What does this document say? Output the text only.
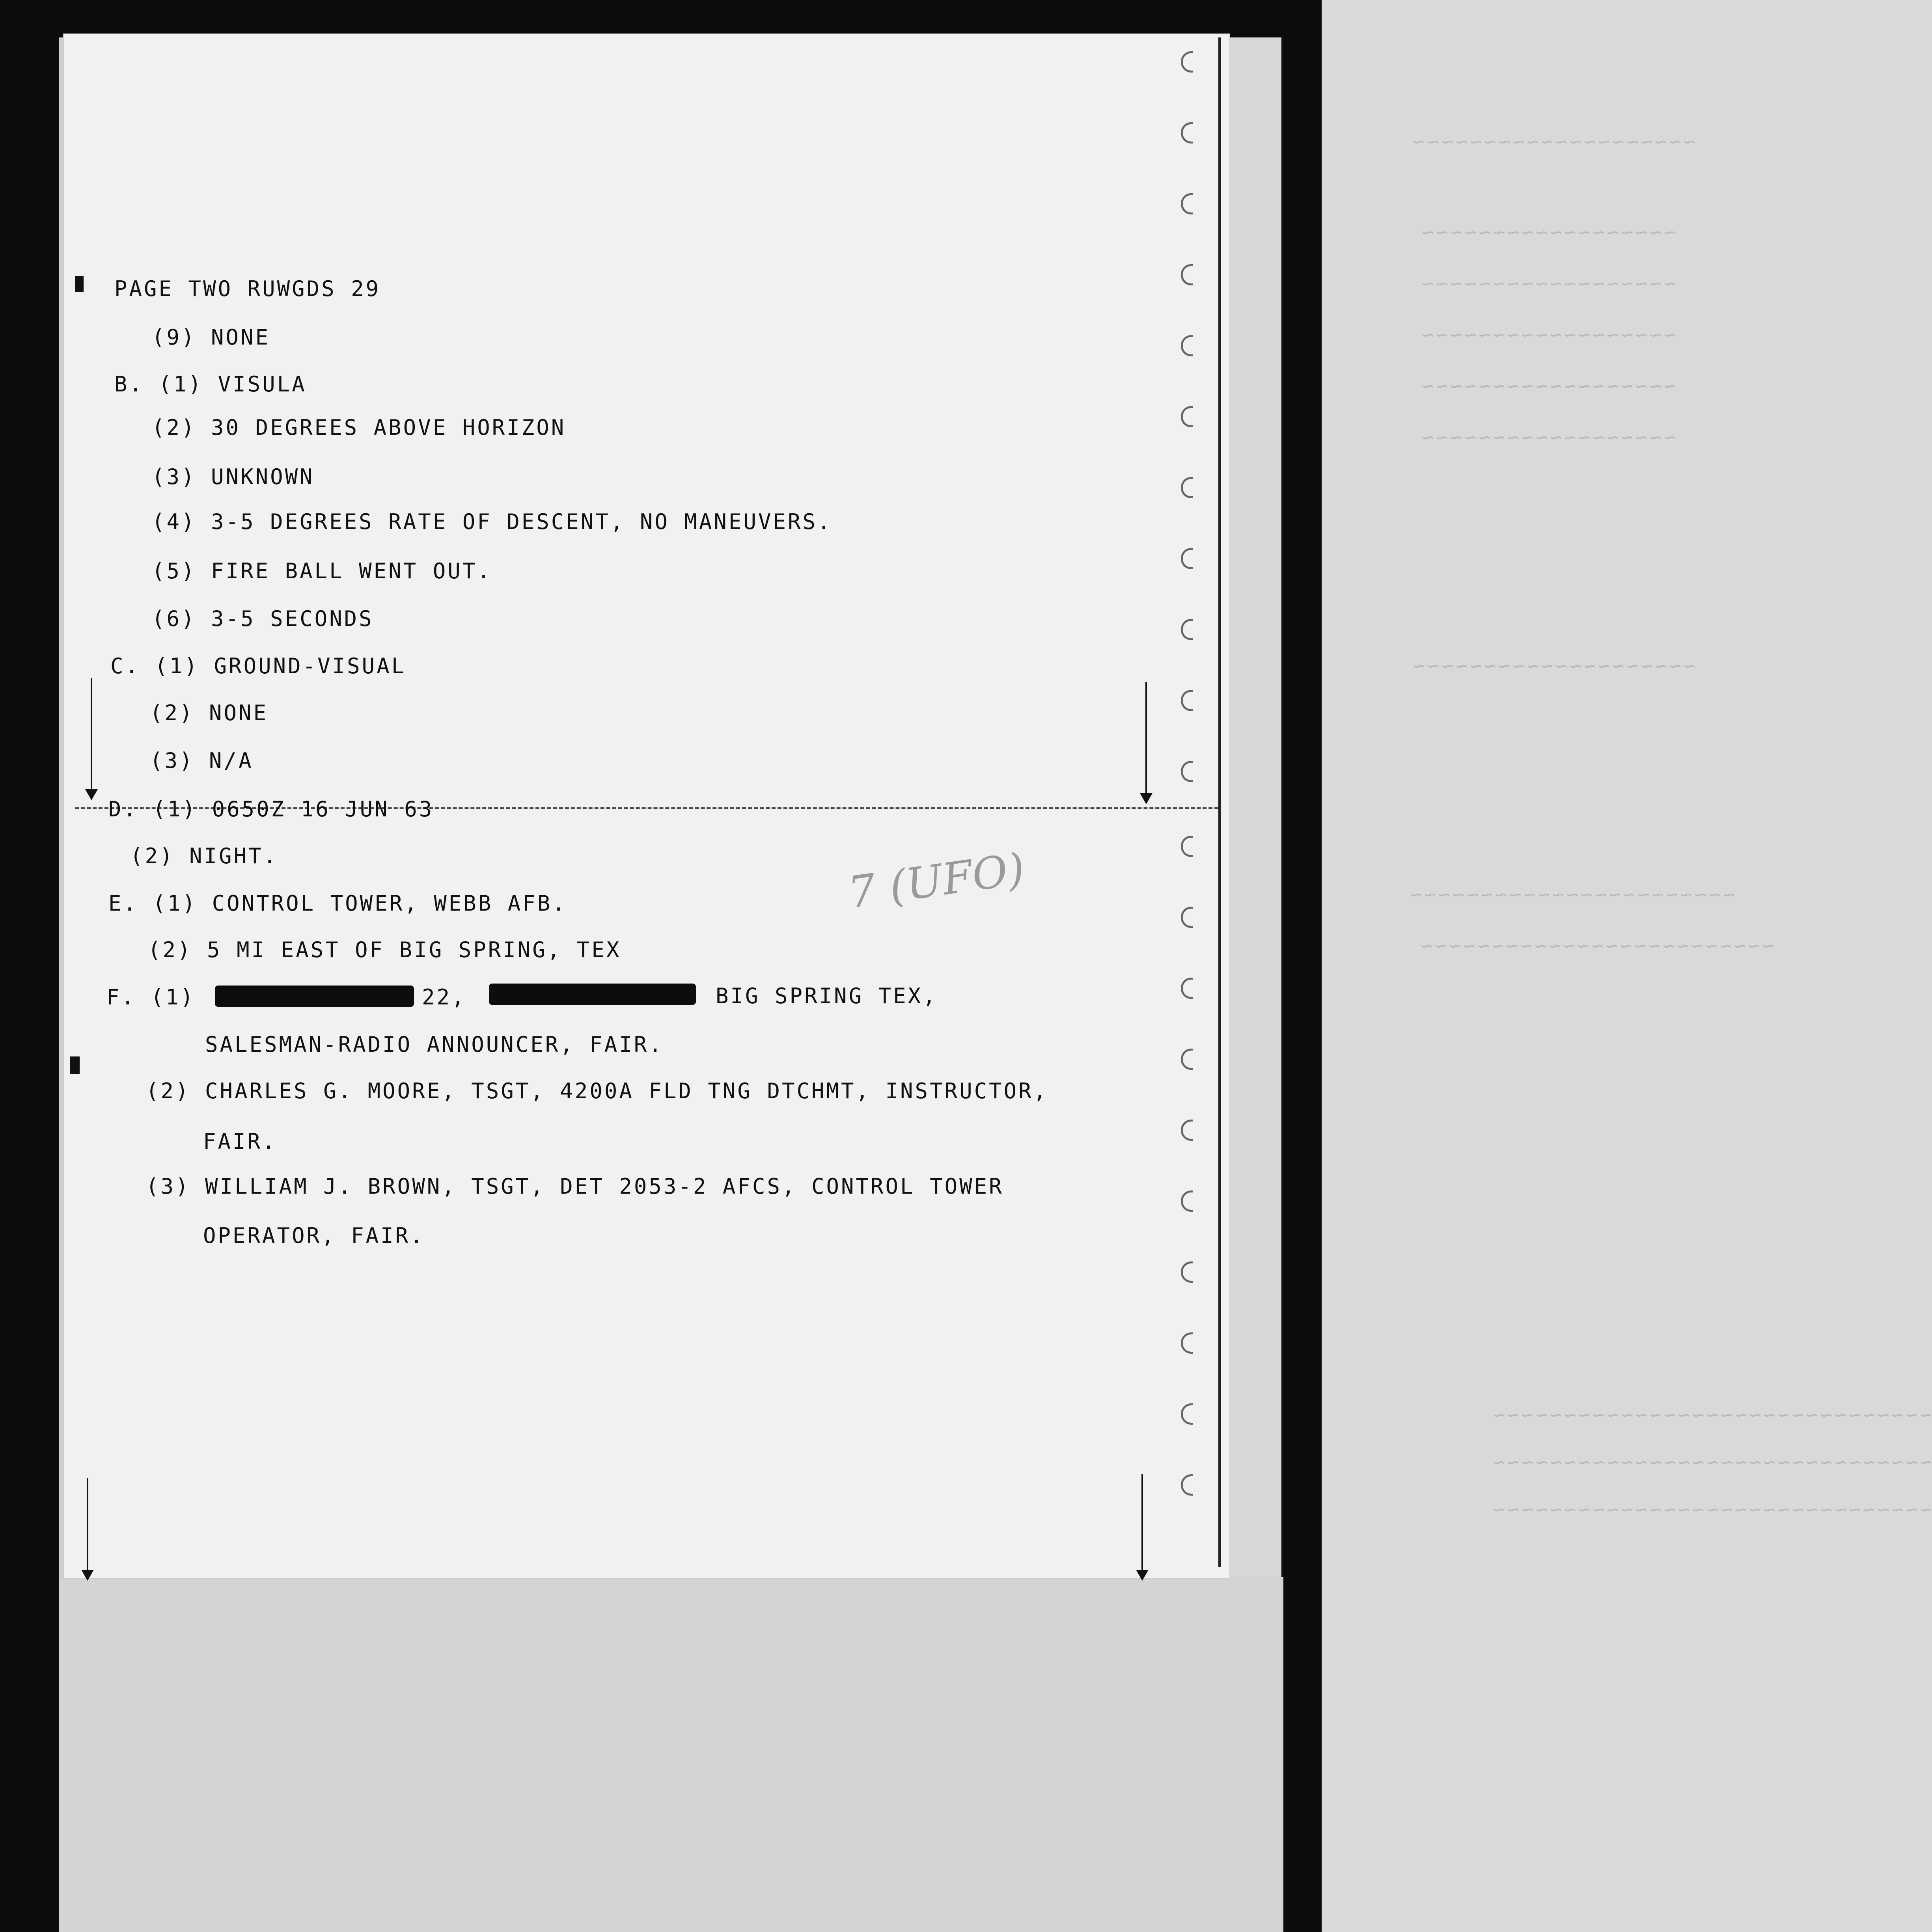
~~~~~~~~~~~~~~~~~~~~
~~~~~~~~~~~~~~~~~~
~~~~~~~~~~~~~~~~~~
~~~~~~~~~~~~~~~~~~
~~~~~~~~~~~~~~~~~~
~~~~~~~~~~~~~~~~~~
~~~~~~~~~~~~~~~~~~~~
~~~~~~~~~~~~~~~~~~~~~~~
~~~~~~~~~~~~~~~~~~~~~~~~~
~~~~~~~~~~~~~~~~~~~~~~~~~~~~~~~
~~~~~~~~~~~~~~~~~~~~~~~~~~~~~~~
~~~~~~~~~~~~~~~~~~~~~~~~~~~~~~~
7 (UFO)
PAGE TWO RUWGDS 29
(9) NONE
B. (1) VISULA
(2) 30 DEGREES ABOVE HORIZON
(3) UNKNOWN
(4) 3-5 DEGREES RATE OF DESCENT, NO MANEUVERS.
(5) FIRE BALL WENT OUT.
(6) 3-5 SECONDS
C. (1) GROUND-VISUAL
(2) NONE
(3) N/A
D. (1) 0650Z 16 JUN 63
(2) NIGHT.
E. (1) CONTROL TOWER, WEBB AFB.
(2) 5 MI EAST OF BIG SPRING, TEX
F. (1)	22,	BIG SPRING TEX,
SALESMAN-RADIO ANNOUNCER, FAIR.
(2) CHARLES G. MOORE, TSGT, 4200A FLD TNG DTCHMT, INSTRUCTOR,
FAIR.
(3) WILLIAM J. BROWN, TSGT, DET 2053-2 AFCS, CONTROL TOWER
OPERATOR, FAIR.
